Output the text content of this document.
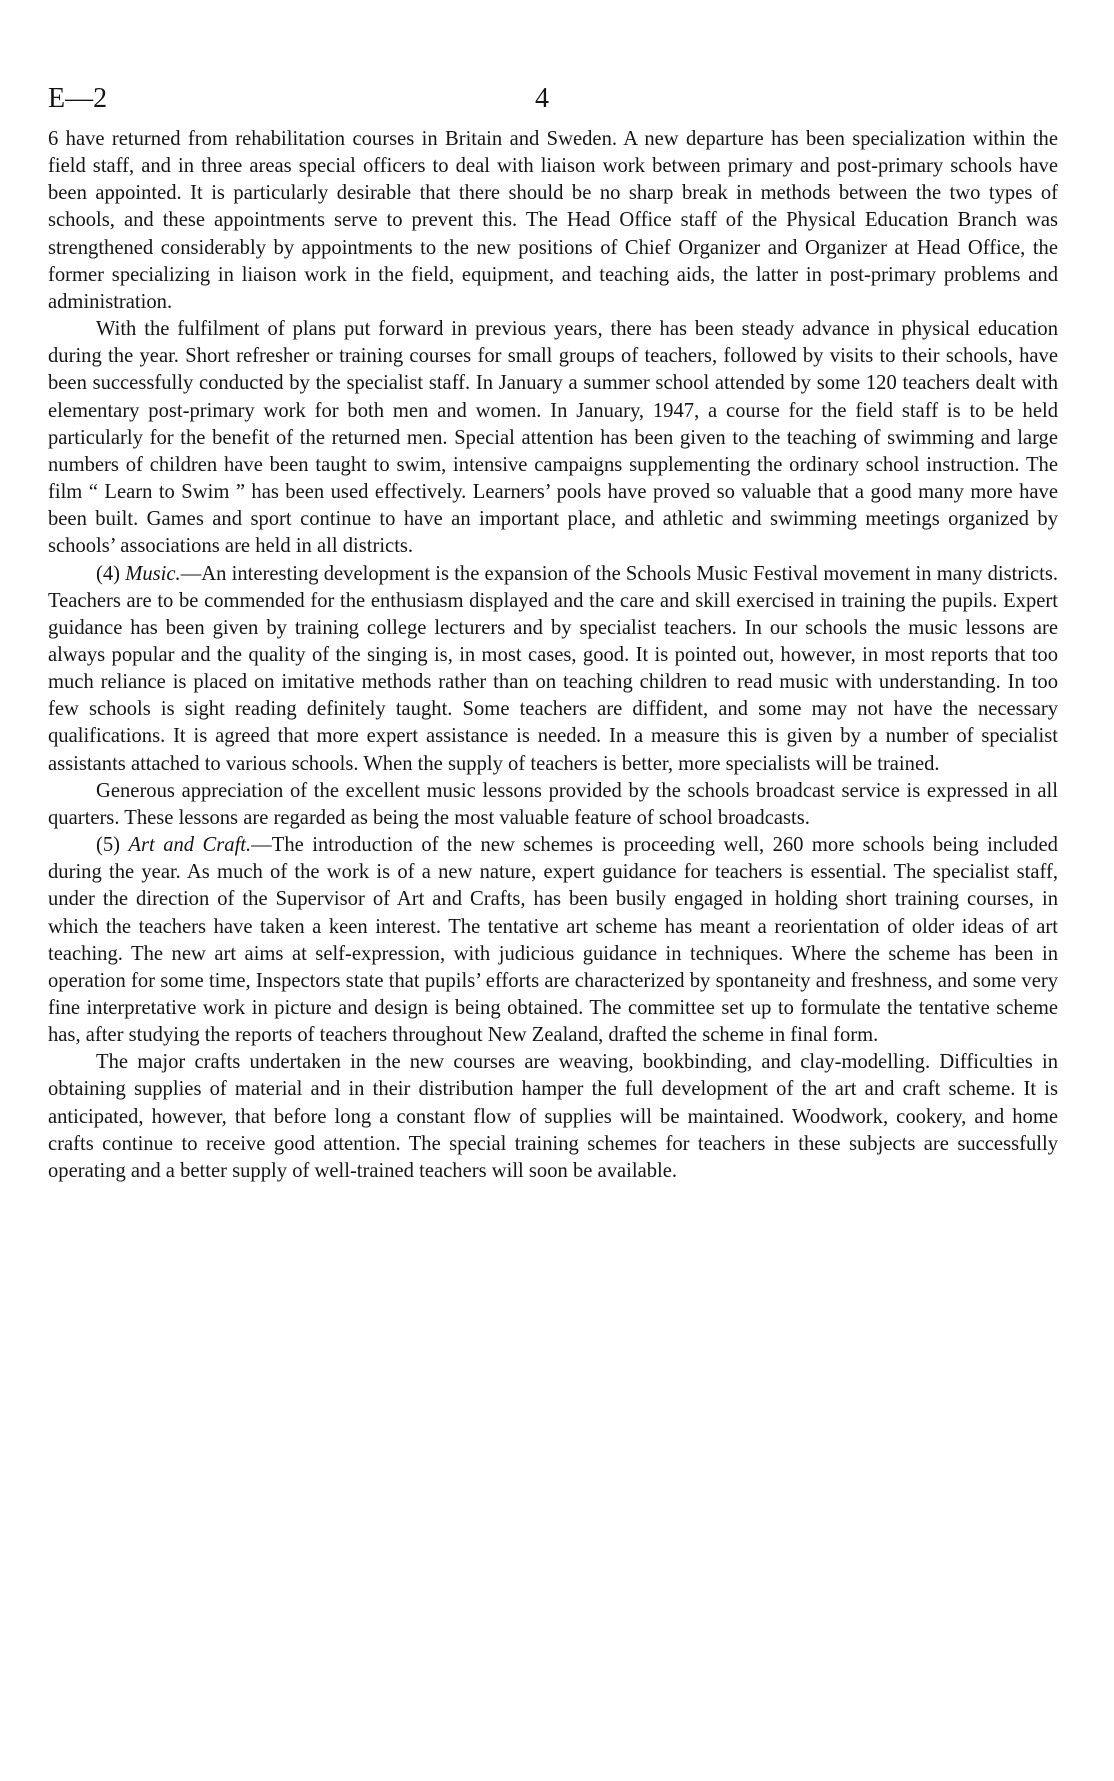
E—2	4

6 have returned from rehabilitation courses in Britain and Sweden. A new departure has been specialization within the field staff, and in three areas special officers to deal with liaison work between primary and post-primary schools have been appointed. It is particularly desirable that there should be no sharp break in methods between the two types of schools, and these appointments serve to prevent this. The Head Office staff of the Physical Education Branch was strengthened considerably by appointments to the new positions of Chief Organizer and Organizer at Head Office, the former specializing in liaison work in the field, equipment, and teaching aids, the latter in post-primary problems and administration.

With the fulfilment of plans put forward in previous years, there has been steady advance in physical education during the year. Short refresher or training courses for small groups of teachers, followed by visits to their schools, have been successfully conducted by the specialist staff. In January a summer school attended by some 120 teachers dealt with elementary post-primary work for both men and women. In January, 1947, a course for the field staff is to be held particularly for the benefit of the returned men. Special attention has been given to the teaching of swimming and large numbers of children have been taught to swim, intensive campaigns supplementing the ordinary school instruction. The film “ Learn to Swim ” has been used effectively. Learners’ pools have proved so valuable that a good many more have been built. Games and sport continue to have an important place, and athletic and swimming meetings organized by schools’ associations are held in all districts.

(4) Music.—An interesting development is the expansion of the Schools Music Festival movement in many districts. Teachers are to be commended for the enthusiasm displayed and the care and skill exercised in training the pupils. Expert guidance has been given by training college lecturers and by specialist teachers. In our schools the music lessons are always popular and the quality of the singing is, in most cases, good. It is pointed out, however, in most reports that too much reliance is placed on imitative methods rather than on teaching children to read music with understanding. In too few schools is sight reading definitely taught. Some teachers are diffident, and some may not have the necessary qualifications. It is agreed that more expert assistance is needed. In a measure this is given by a number of specialist assistants attached to various schools. When the supply of teachers is better, more specialists will be trained.

Generous appreciation of the excellent music lessons provided by the schools broadcast service is expressed in all quarters. These lessons are regarded as being the most valuable feature of school broadcasts.

(5) Art and Craft.—The introduction of the new schemes is proceeding well, 260 more schools being included during the year. As much of the work is of a new nature, expert guidance for teachers is essential. The specialist staff, under the direction of the Supervisor of Art and Crafts, has been busily engaged in holding short training courses, in which the teachers have taken a keen interest. The tentative art scheme has meant a reorientation of older ideas of art teaching. The new art aims at self-expression, with judicious guidance in techniques. Where the scheme has been in operation for some time, Inspectors state that pupils’ efforts are characterized by spontaneity and freshness, and some very fine interpretative work in picture and design is being obtained. The committee set up to formulate the tentative scheme has, after studying the reports of teachers throughout New Zealand, drafted the scheme in final form.

The major crafts undertaken in the new courses are weaving, bookbinding, and clay-modelling. Difficulties in obtaining supplies of material and in their distribution hamper the full development of the art and craft scheme. It is anticipated, however, that before long a constant flow of supplies will be maintained. Woodwork, cookery, and home crafts continue to receive good attention. The special training schemes for teachers in these subjects are successfully operating and a better supply of well-trained teachers will soon be available.
